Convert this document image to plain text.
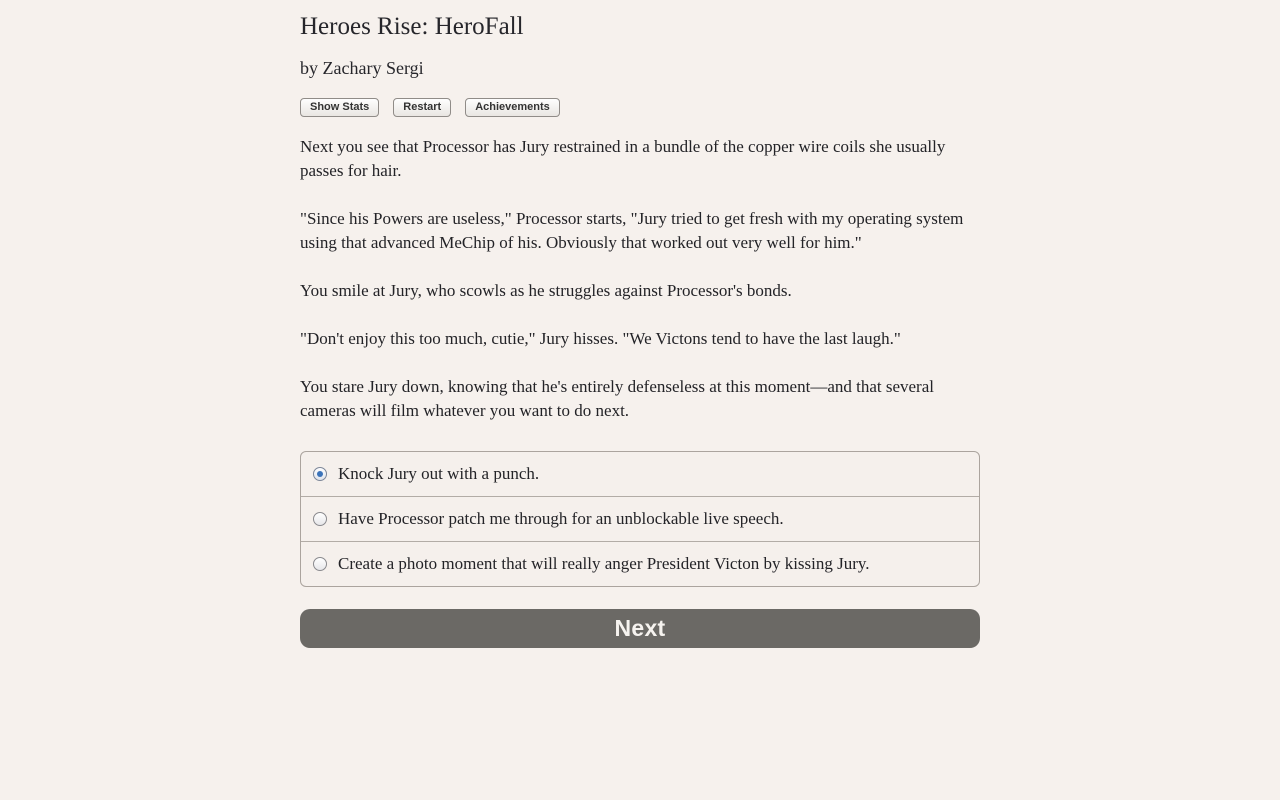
Heroes Rise: HeroFall

by Zachary Sergi

Show Stats	Restart	Achievements

Next you see that Processor has Jury restrained in a bundle of the copper wire coils she usually passes for hair.

"Since his Powers are useless," Processor starts, "Jury tried to get fresh with my operating system using that advanced MeChip of his. Obviously that worked out very well for him."

You smile at Jury, who scowls as he struggles against Processor's bonds.

"Don't enjoy this too much, cutie," Jury hisses. "We Victons tend to have the last laugh."

You stare Jury down, knowing that he's entirely defenseless at this moment—and that several cameras will film whatever you want to do next.

Knock Jury out with a punch.
Have Processor patch me through for an unblockable live speech.
Create a photo moment that will really anger President Victon by kissing Jury.
Next
